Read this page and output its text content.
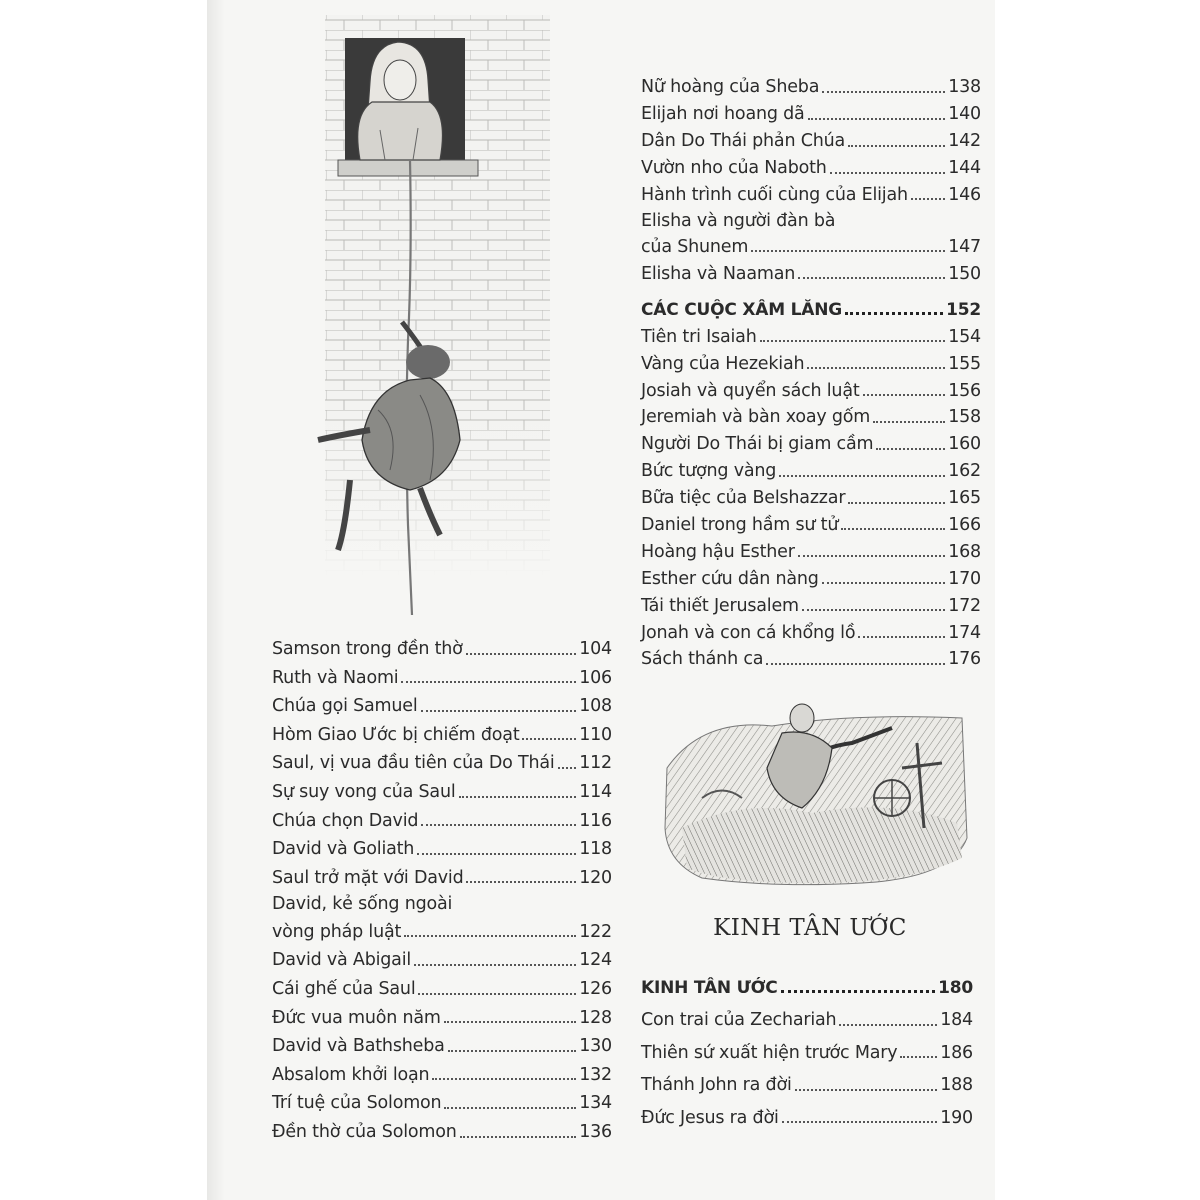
Samson trong đền thờ	104
Ruth và Naomi	106
Chúa gọi Samuel	108
Hòm Giao Ước bị chiếm đoạt	110
Saul, vị vua đầu tiên của Do Thái 112
Sự suy vong của Saul	114
Chúa chọn David	116
David và Goliath	118
Saul trở mặt với David	120
David, kẻ sống ngoài
vòng pháp luật	122
David và Abigail	124
Cái ghế của Saul	126
Đức vua muôn năm	128
David và Bathsheba	130
Absalom khởi loạn	132
Trí tuệ của Solomon	134
Đền thờ của Solomon	136
Nữ hoàng của Sheba	138
Elijah nơi hoang dã	140
Dân Do Thái phản Chúa	142
Vườn nho của Naboth	144
Hành trình cuối cùng của Elijah 146
Elisha và người đàn bà
của Shunem	147
Elisha và Naaman	150
CÁC CUỘC XÂM LĂNG	152
Tiên tri Isaiah	154
Vàng của Hezekiah	155
Josiah và quyển sách luật	156
Jeremiah và bàn xoay gốm	158
Người Do Thái bị giam cầm	160
Bức tượng vàng	162
Bữa tiệc của Belshazzar	165
Daniel trong hầm sư tử	166
Hoàng hậu Esther	168
Esther cứu dân nàng	170
Tái thiết Jerusalem	172
Jonah và con cá khổng lồ	174
Sách thánh ca	176
KINH TÂN ƯỚC
KINH TÂN ƯỚC	180
Con trai của Zechariah	184
Thiên sứ xuất hiện trước Mary 186
Thánh John ra đời	188
Đức Jesus ra đời	190
